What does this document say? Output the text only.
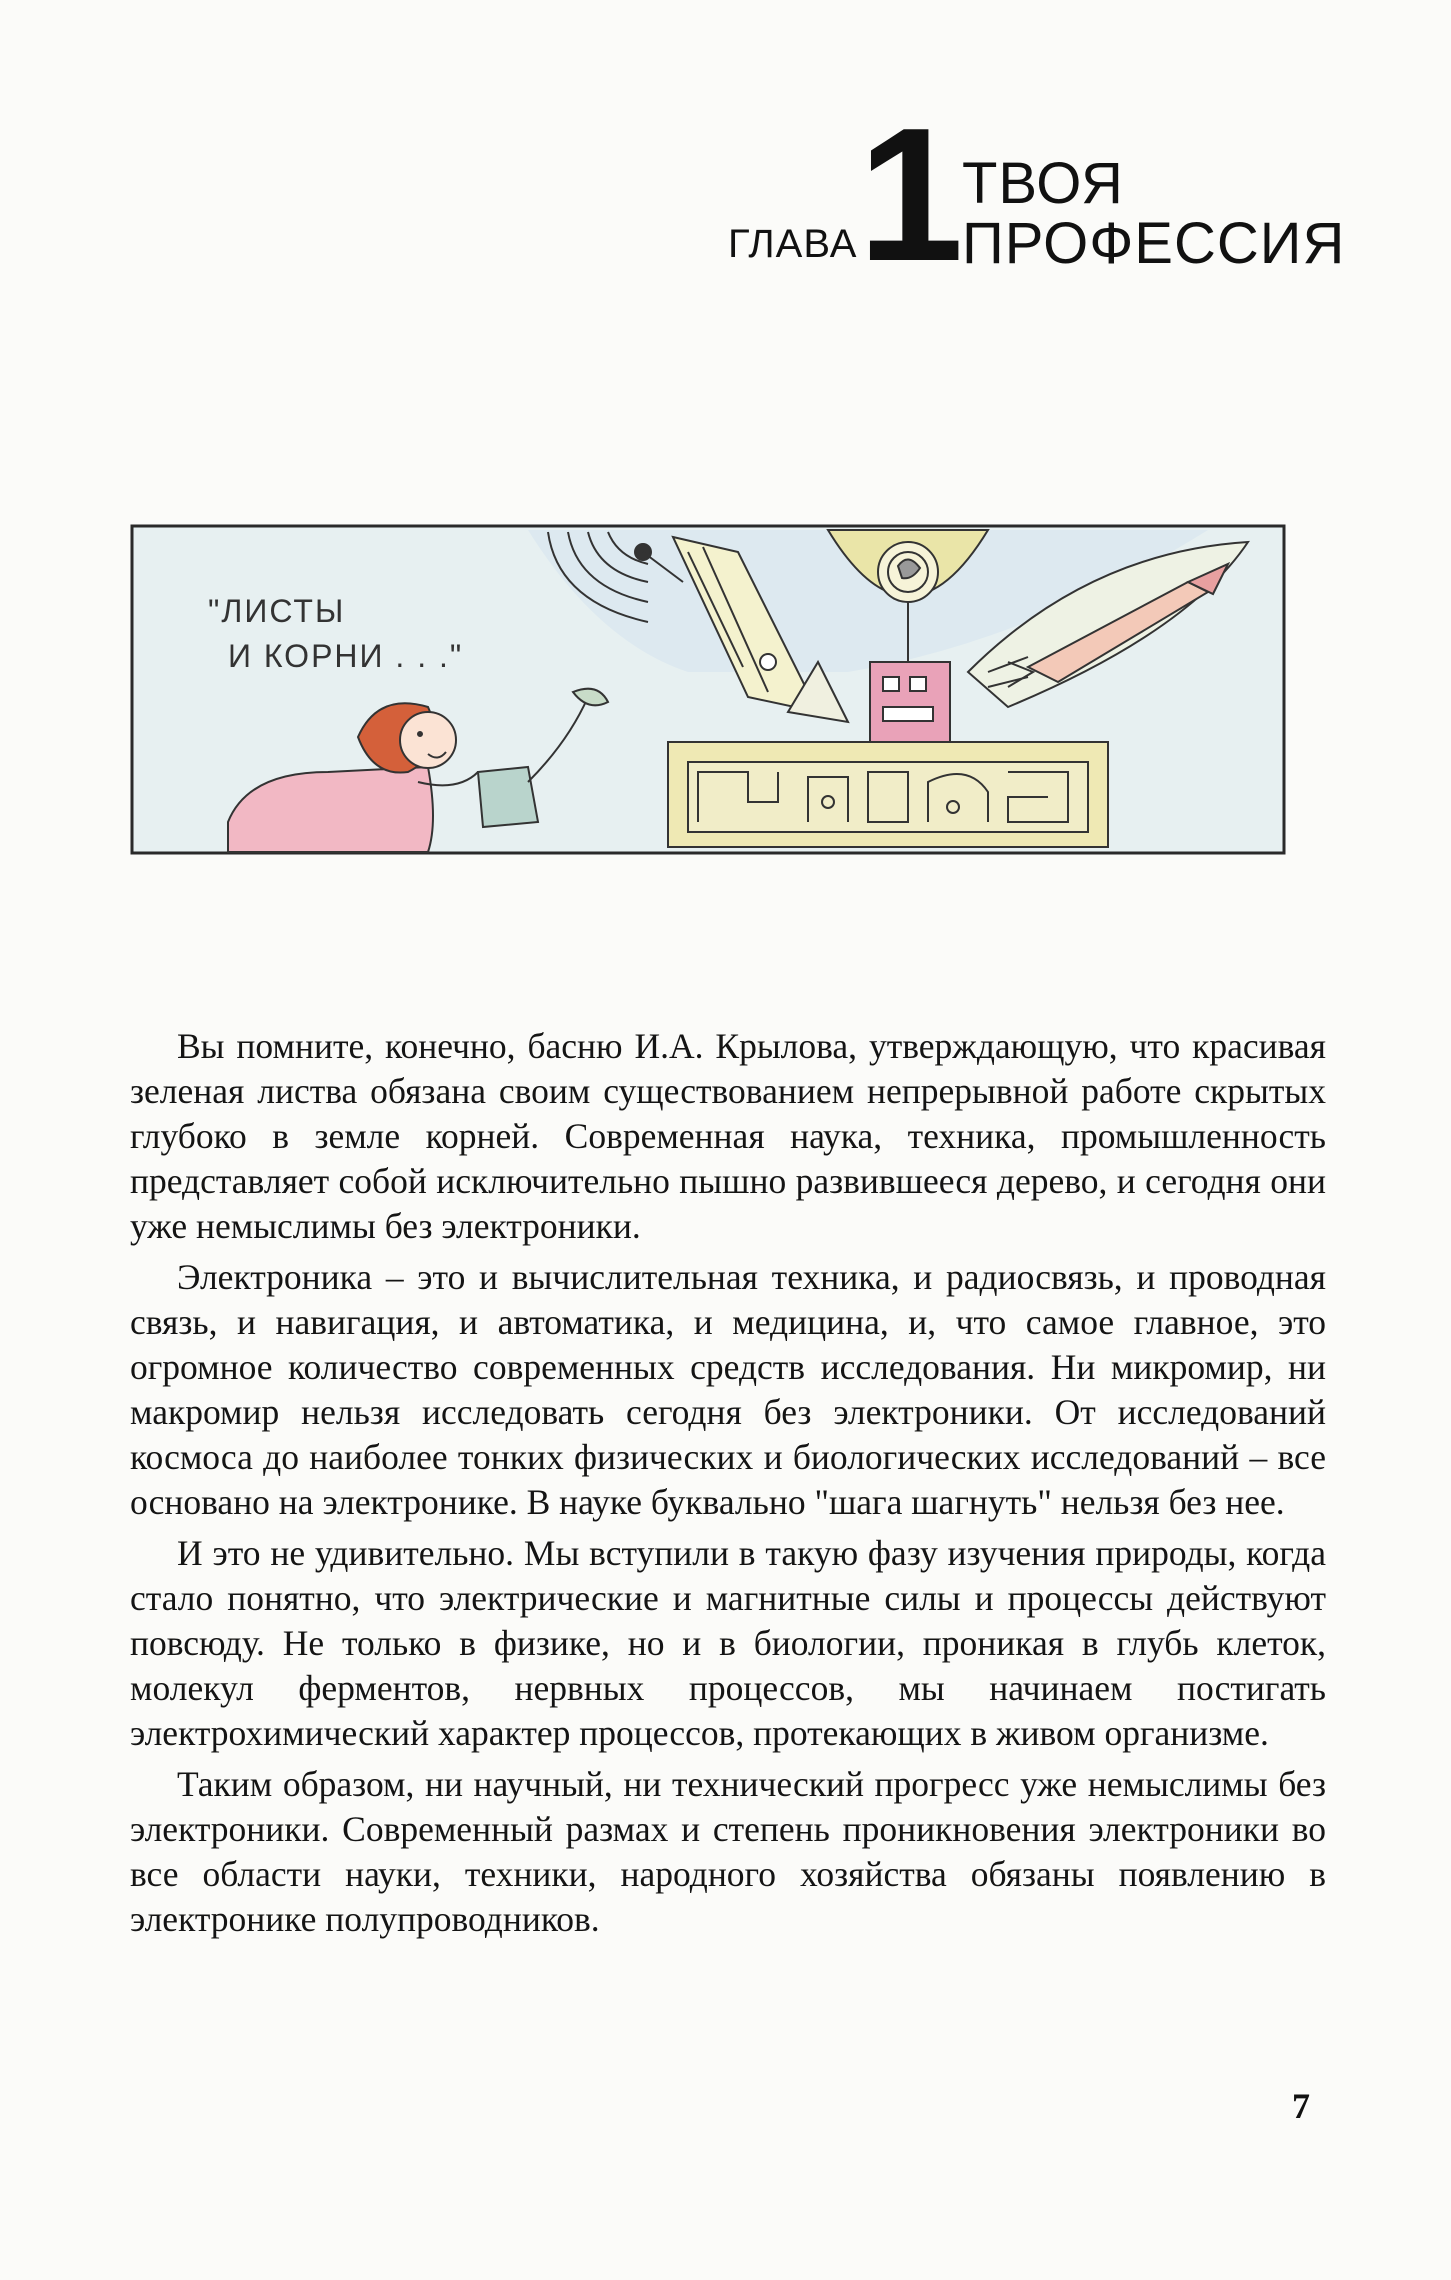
ГЛАВА 1
ТВОЯ
ПРОФЕССИЯ
"ЛИСТЫ
И КОРНИ . . ."

Вы помните, конечно, басню И.А. Крылова, утверждающую, что красивая зеленая листва обязана своим существованием непрерывной работе скрытых глубоко в земле корней. Современная наука, техника, промышленность представляет собой исключительно пышно развившееся дерево, и сегодня они уже немыслимы без электроники.

Электроника – это и вычислительная техника, и радиосвязь, и проводная связь, и навигация, и автоматика, и медицина, и, что самое главное, это огромное количество современных средств исследования. Ни микромир, ни макромир нельзя исследовать сегодня без электроники. От исследований космоса до наиболее тонких физических и биологических исследований – все основано на электронике. В науке буквально "шага шагнуть" нельзя без нее.

И это не удивительно. Мы вступили в такую фазу изучения природы, когда стало понятно, что электрические и магнитные силы и процессы действуют повсюду. Не только в физике, но и в биологии, проникая в глубь клеток, молекул ферментов, нервных процессов, мы начинаем постигать электрохимический характер процессов, протекающих в живом организме.

Таким образом, ни научный, ни технический прогресс уже немыслимы без электроники. Современный размах и степень проникновения электроники во все области науки, техники, народного хозяйства обязаны появлению в электронике полупроводников.

7
